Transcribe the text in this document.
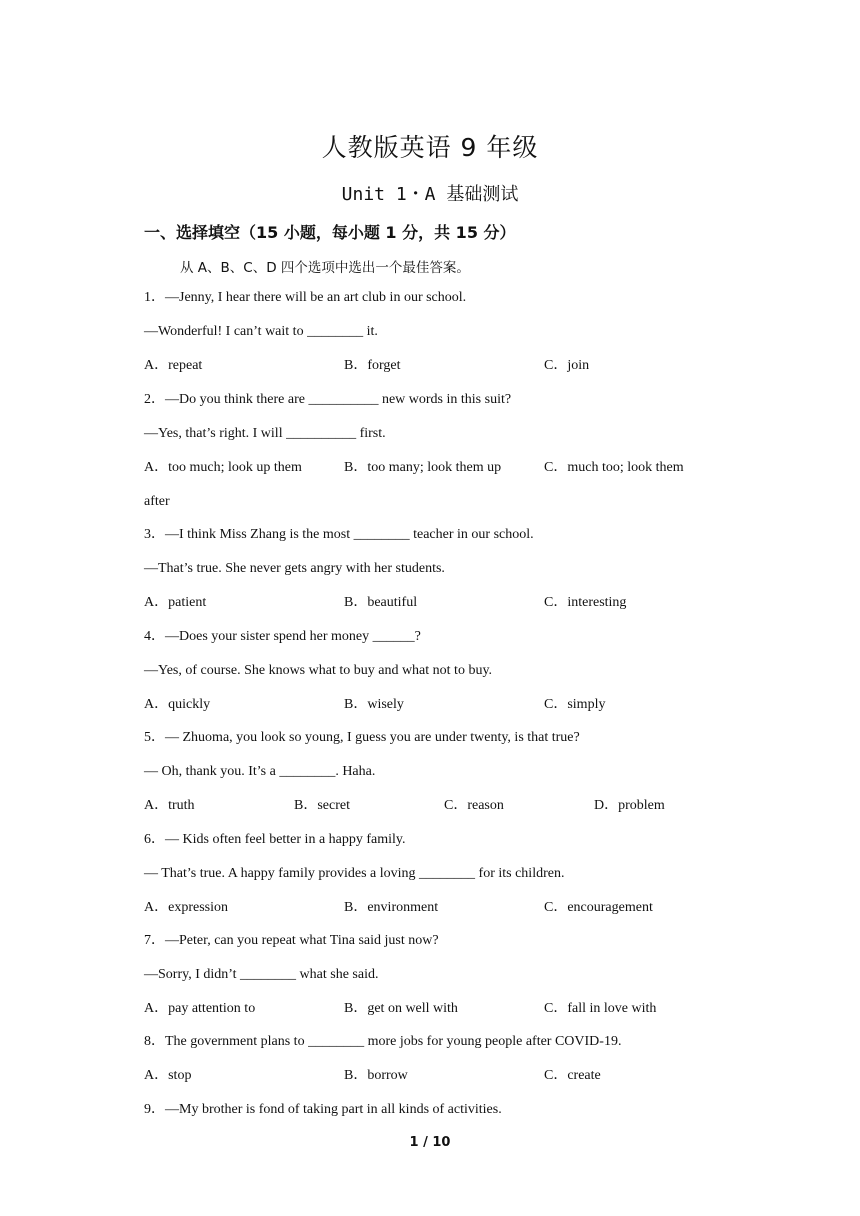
人教版英语 9 年级
Unit 1・A 基础测试
一、选择填空（15 小题，每小题 1 分，共 15 分）
从 A、B、C、D 四个选项中选出一个最佳答案。
1．—Jenny, I hear there will be an art club in our school.
—Wonderful! I can’t wait to ________ it.
A．repeat	B．forget	C．join
2．—Do you think there are __________ new words in this suit?
—Yes, that’s right. I will __________ first.
A．too much; look up them	B．too many; look them up	C．much too; look them
after
3．—I think Miss Zhang is the most ________ teacher in our school.
—That’s true. She never gets angry with her students.
A．patient	B．beautiful	C．interesting
4．—Does your sister spend her money ______?
—Yes, of course. She knows what to buy and what not to buy.
A．quickly	B．wisely	C．simply
5．— Zhuoma, you look so young, I guess you are under twenty, is that true?
— Oh, thank you. It’s a ________. Haha.
A．truth	B．secret	C．reason	D．problem
6．— Kids often feel better in a happy family.
— That’s true. A happy family provides a loving ________ for its children.
A．expression	B．environment	C．encouragement
7．—Peter, can you repeat what Tina said just now?
—Sorry, I didn’t ________ what she said.
A．pay attention to	B．get on well with	C．fall in love with
8．The government plans to ________ more jobs for young people after COVID-19.
A．stop	B．borrow	C．create
9．—My brother is fond of taking part in all kinds of activities.
1 / 10
